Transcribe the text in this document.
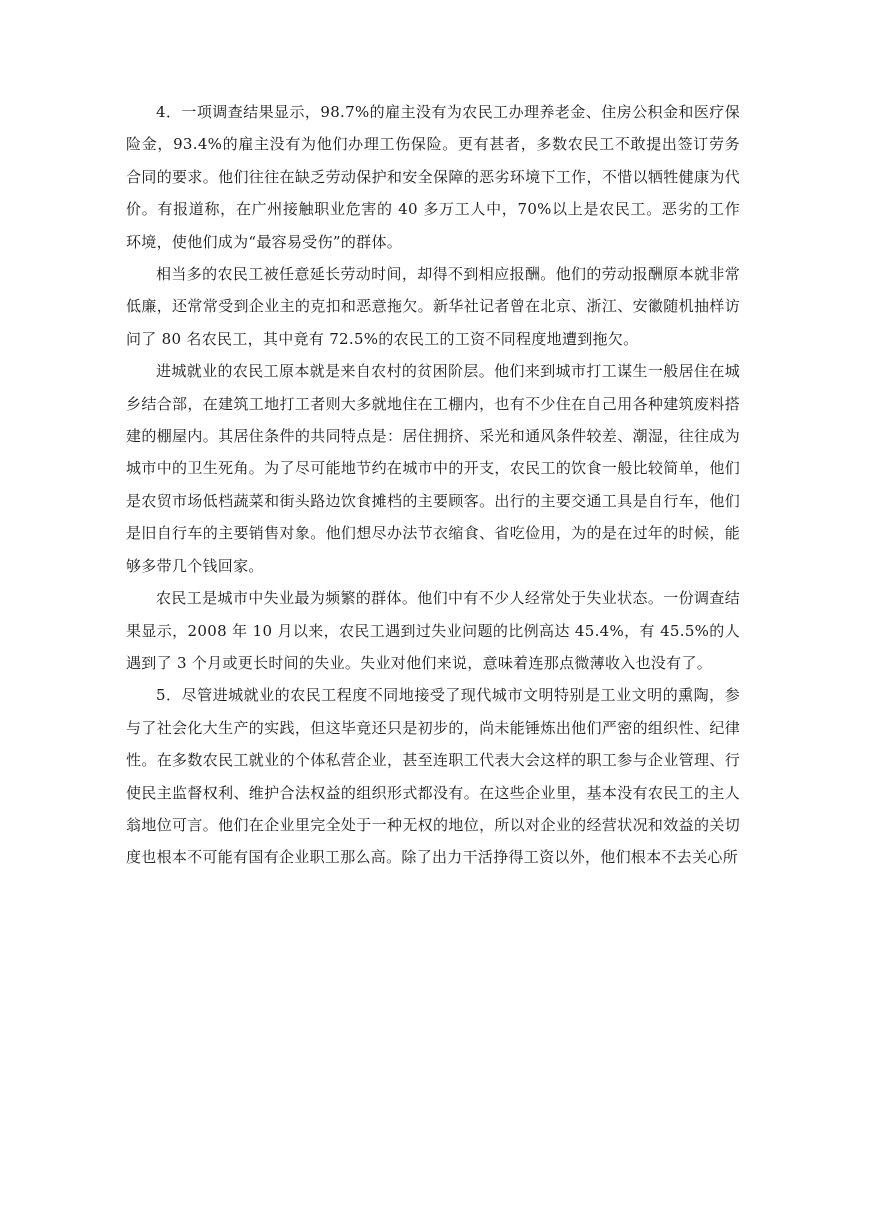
4．一项调查结果显示，98.7%的雇主没有为农民工办理养老金、住房公积金和医疗保险金，93.4%的雇主没有为他们办理工伤保险。更有甚者，多数农民工不敢提出签订劳务合同的要求。他们往往在缺乏劳动保护和安全保障的恶劣环境下工作，不惜以牺牲健康为代价。有报道称，在广州接触职业危害的 40 多万工人中，70%以上是农民工。恶劣的工作环境，使他们成为“最容易受伤”的群体。

相当多的农民工被任意延长劳动时间，却得不到相应报酬。他们的劳动报酬原本就非常低廉，还常常受到企业主的克扣和恶意拖欠。新华社记者曾在北京、浙江、安徽随机抽样访问了 80 名农民工，其中竟有 72.5%的农民工的工资不同程度地遭到拖欠。

进城就业的农民工原本就是来自农村的贫困阶层。他们来到城市打工谋生一般居住在城乡结合部，在建筑工地打工者则大多就地住在工棚内，也有不少住在自己用各种建筑废料搭建的棚屋内。其居住条件的共同特点是：居住拥挤、采光和通风条件较差、潮湿，往往成为城市中的卫生死角。为了尽可能地节约在城市中的开支，农民工的饮食一般比较简单，他们是农贸市场低档蔬菜和街头路边饮食摊档的主要顾客。出行的主要交通工具是自行车，他们是旧自行车的主要销售对象。他们想尽办法节衣缩食、省吃俭用，为的是在过年的时候，能够多带几个钱回家。

农民工是城市中失业最为频繁的群体。他们中有不少人经常处于失业状态。一份调查结果显示，2008 年 10 月以来，农民工遇到过失业问题的比例高达 45.4%，有 45.5%的人遇到了 3 个月或更长时间的失业。失业对他们来说，意味着连那点微薄收入也没有了。

5．尽管进城就业的农民工程度不同地接受了现代城市文明特别是工业文明的熏陶，参与了社会化大生产的实践，但这毕竟还只是初步的，尚未能锤炼出他们严密的组织性、纪律性。在多数农民工就业的个体私营企业，甚至连职工代表大会这样的职工参与企业管理、行使民主监督权利、维护合法权益的组织形式都没有。在这些企业里，基本没有农民工的主人翁地位可言。他们在企业里完全处于一种无权的地位，所以对企业的经营状况和效益的关切度也根本不可能有国有企业职工那么高。除了出力干活挣得工资以外，他们根本不去关心所
